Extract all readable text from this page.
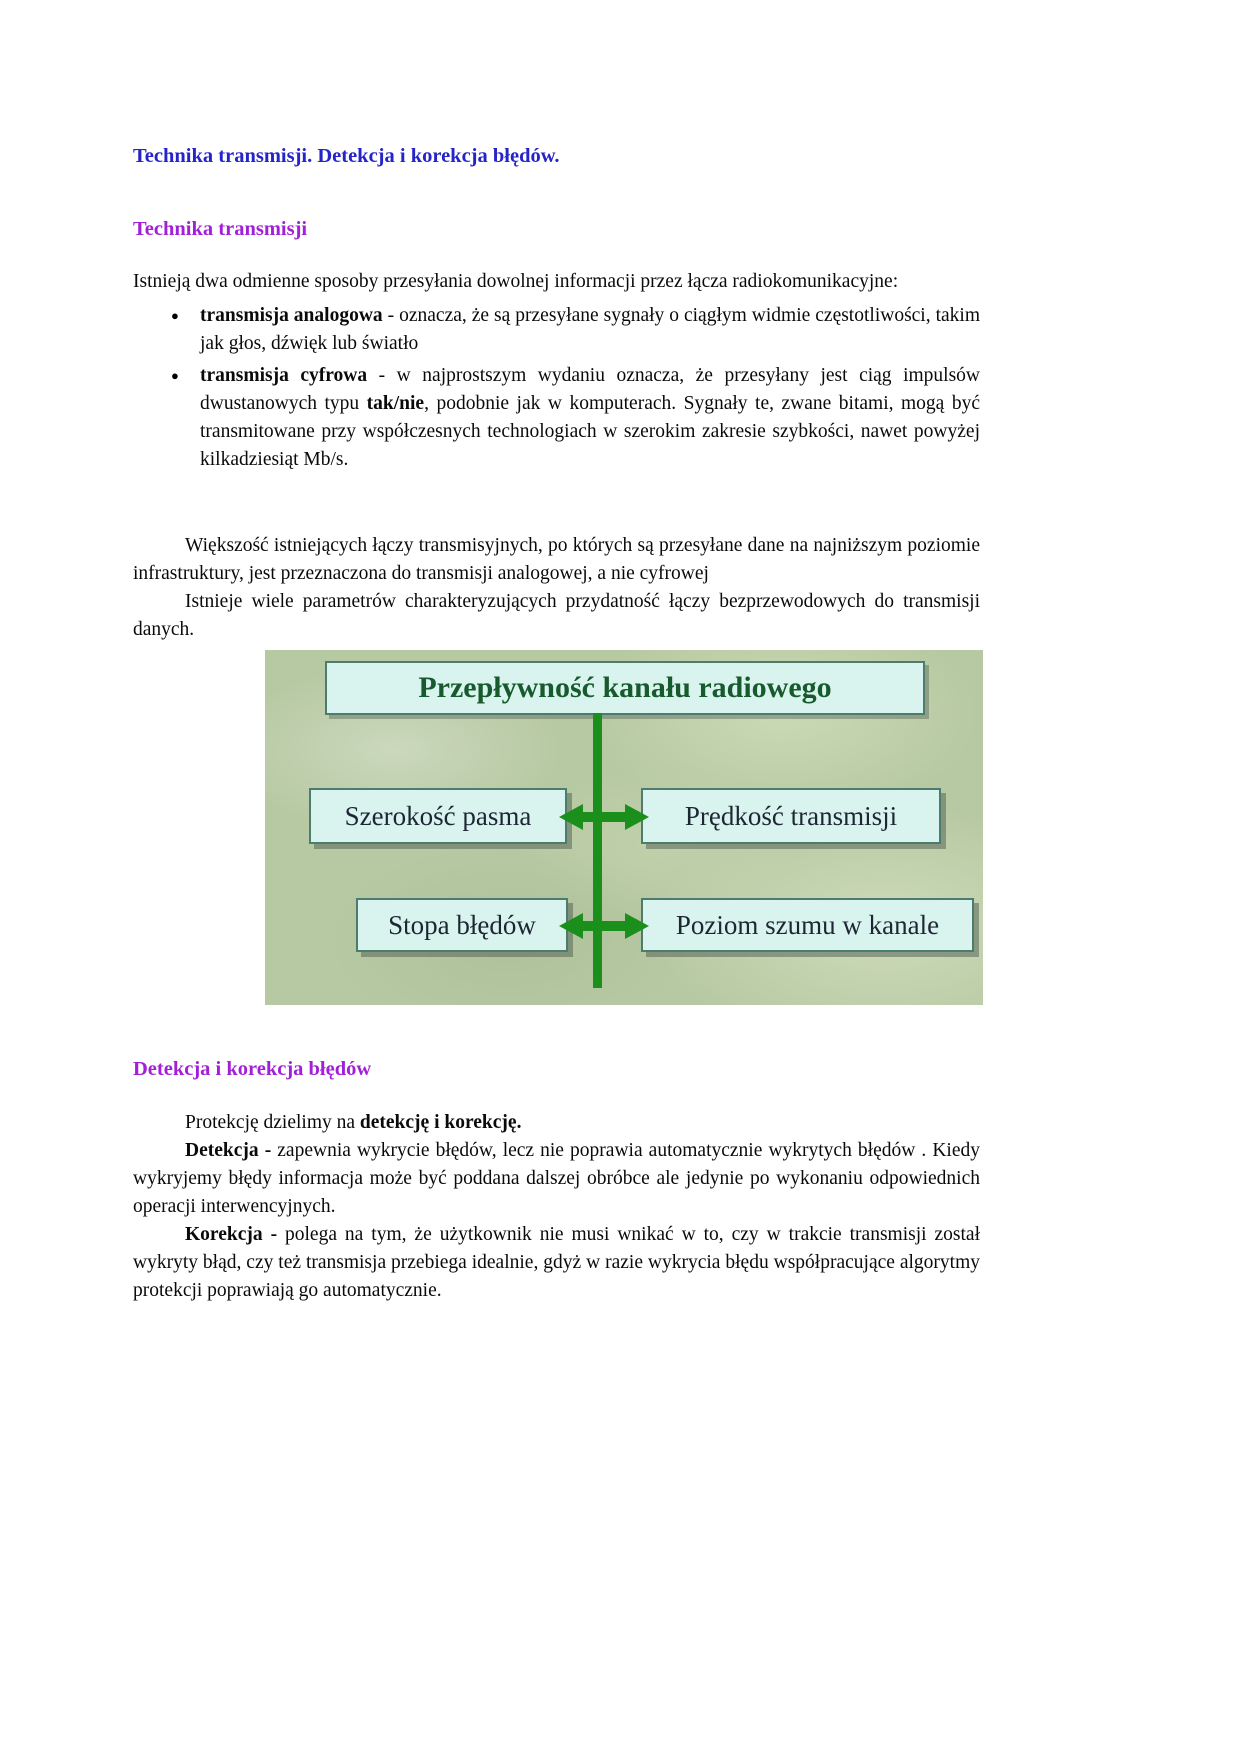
Technika transmisji. Detekcja i korekcja błędów.
Technika transmisji

Istnieją dwa odmienne sposoby przesyłania dowolnej informacji przez łącza radiokomunikacyjne:

● transmisja analogowa - oznacza, że są przesyłane sygnały o ciągłym widmie częstotliwości, takim jak głos, dźwięk lub światło
● transmisja cyfrowa - w najprostszym wydaniu oznacza, że przesyłany jest ciąg impulsów dwustanowych typu tak/nie, podobnie jak w komputerach. Sygnały te, zwane bitami, mogą być transmitowane przy współczesnych technologiach w szerokim zakresie szybkości, nawet powyżej kilkadziesiąt Mb/s.

Większość istniejących łączy transmisyjnych, po których są przesyłane dane na najniższym poziomie infrastruktury, jest przeznaczona do transmisji analogowej, a nie cyfrowej

Istnieje wiele parametrów charakteryzujących przydatność łączy bezprzewodowych do transmisji danych.

Przepływność kanału radiowego
Szerokość pasma	Prędkość transmisji
Stopa błędów	Poziom szumu w kanale
Detekcja i korekcja błędów

Protekcję dzielimy na detekcję i korekcję.

Detekcja - zapewnia wykrycie błędów, lecz nie poprawia automatycznie wykrytych błędów . Kiedy wykryjemy błędy informacja może być poddana dalszej obróbce ale jedynie po wykonaniu odpowiednich operacji interwencyjnych.

Korekcja - polega na tym, że użytkownik nie musi wnikać w to, czy w trakcie transmisji został wykryty błąd, czy też transmisja przebiega idealnie, gdyż w razie wykrycia błędu współpracujące algorytmy protekcji poprawiają go automatycznie.
